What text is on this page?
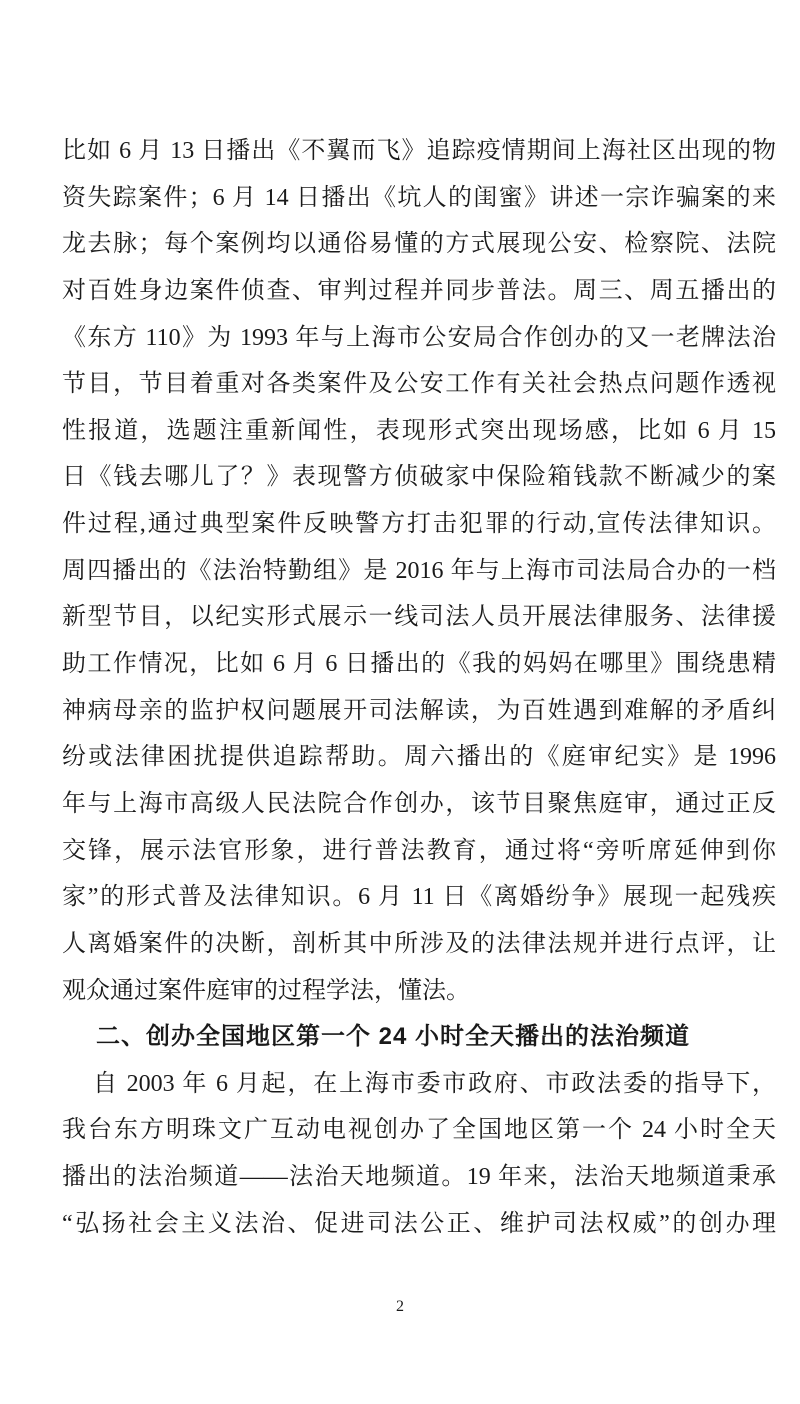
比如 6 月 13 日播出《不翼而飞》追踪疫情期间上海社区出现的物
资失踪案件；6 月 14 日播出《坑人的闺蜜》讲述一宗诈骗案的来
龙去脉；每个案例均以通俗易懂的方式展现公安、检察院、法院
对百姓身边案件侦查、审判过程并同步普法。周三、周五播出的
《东方 110》为 1993 年与上海市公安局合作创办的又一老牌法治
节目，节目着重对各类案件及公安工作有关社会热点问题作透视
性报道，选题注重新闻性，表现形式突出现场感，比如 6 月 15
日《钱去哪儿了？》表现警方侦破家中保险箱钱款不断减少的案
件过程,通过典型案件反映警方打击犯罪的行动,宣传法律知识。
周四播出的《法治特勤组》是 2016 年与上海市司法局合办的一档
新型节目，以纪实形式展示一线司法人员开展法律服务、法律援
助工作情况，比如 6 月 6 日播出的《我的妈妈在哪里》围绕患精
神病母亲的监护权问题展开司法解读，为百姓遇到难解的矛盾纠
纷或法律困扰提供追踪帮助。周六播出的《庭审纪实》是 1996
年与上海市高级人民法院合作创办，该节目聚焦庭审，通过正反
交锋，展示法官形象，进行普法教育，通过将“旁听席延伸到你
家”的形式普及法律知识。6 月 11 日《离婚纷争》展现一起残疾
人离婚案件的决断，剖析其中所涉及的法律法规并进行点评，让
观众通过案件庭审的过程学法，懂法。
二、创办全国地区第一个 24 小时全天播出的法治频道
自 2003 年 6 月起，在上海市委市政府、市政法委的指导下，
我台东方明珠文广互动电视创办了全国地区第一个 24 小时全天
播出的法治频道——法治天地频道。19 年来，法治天地频道秉承
“弘扬社会主义法治、促进司法公正、维护司法权威”的创办理
2
